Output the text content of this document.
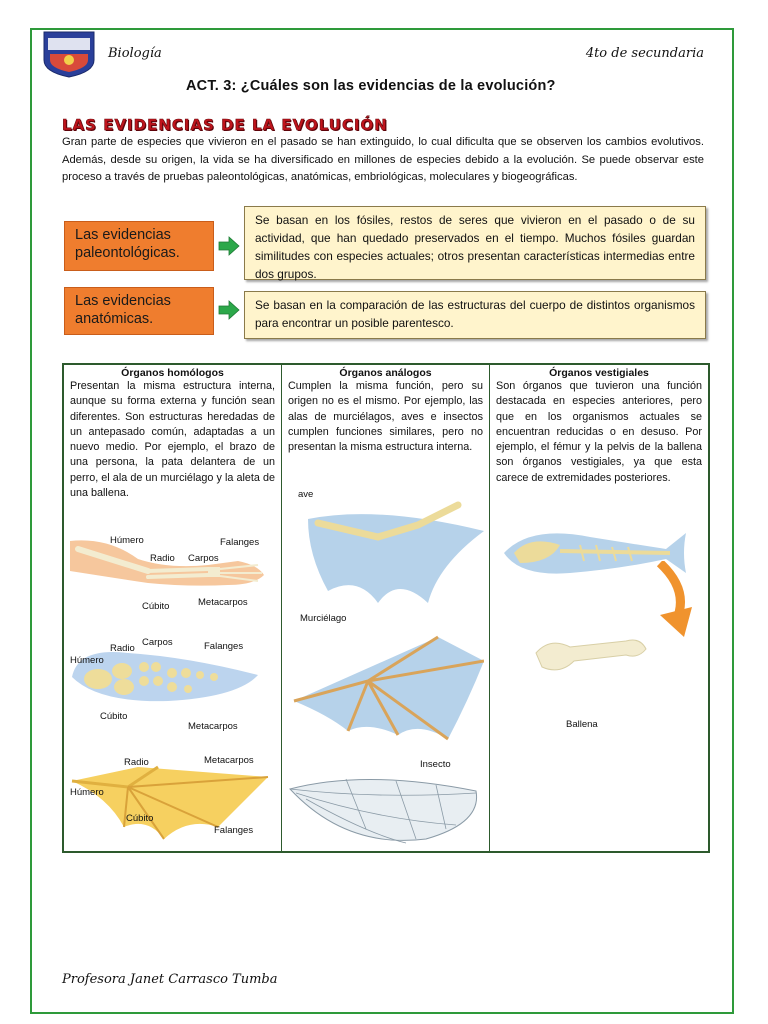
Biología	4to de secundaria
ACT. 3: ¿Cuáles son las evidencias de la evolución?
LAS EVIDENCIAS DE LA EVOLUCIÓN
Gran parte de especies que vivieron en el pasado se han extinguido, lo cual dificulta que se observen los cambios evolutivos. Además, desde su origen, la vida se ha diversificado en millones de especies debido a la evolución. Se puede observar este proceso a través de pruebas paleontológicas, anatómicas, embriológicas, moleculares y biogeográficas.
Las evidencias paleontológicas.
Se basan en los fósiles, restos de seres que vivieron en el pasado o de su actividad, que han quedado preservados en el tiempo. Muchos fósiles guardan similitudes con especies actuales; otros presentan características intermedias entre dos grupos.
Las evidencias anatómicas.
Se basan en la comparación de las estructuras del cuerpo de distintos organismos para encontrar un posible parentesco.
Órganos homólogos
Presentan la misma estructura interna, aunque su forma externa y función sean diferentes. Son estructuras heredadas de un antepasado común, adaptadas a un nuevo medio. Por ejemplo, el brazo de una persona, la pata delantera de un perro, el ala de un murciélago y la aleta de una ballena.
Húmero
Radio Carpos
Falanges
Cúbito	Metacarpos
Radio
Carpos	Falanges
Húmero
Cúbito
Metacarpos
Radio	Metacarpos
Húmero
Cúbito
Falanges
Órganos análogos
Cumplen la misma función, pero su origen no es el mismo. Por ejemplo, las alas de murciélagos, aves e insectos cumplen funciones similares, pero no presentan la misma estructura interna.
ave
Murciélago
Insecto
Órganos vestigiales
Son órganos que tuvieron una función destacada en especies anteriores, pero que en los organismos actuales se encuentran reducidas o en desuso. Por ejemplo, el fémur y la pelvis de la ballena son órganos vestigiales, ya que esta carece de extremidades posteriores.
Ballena
Profesora Janet Carrasco Tumba
